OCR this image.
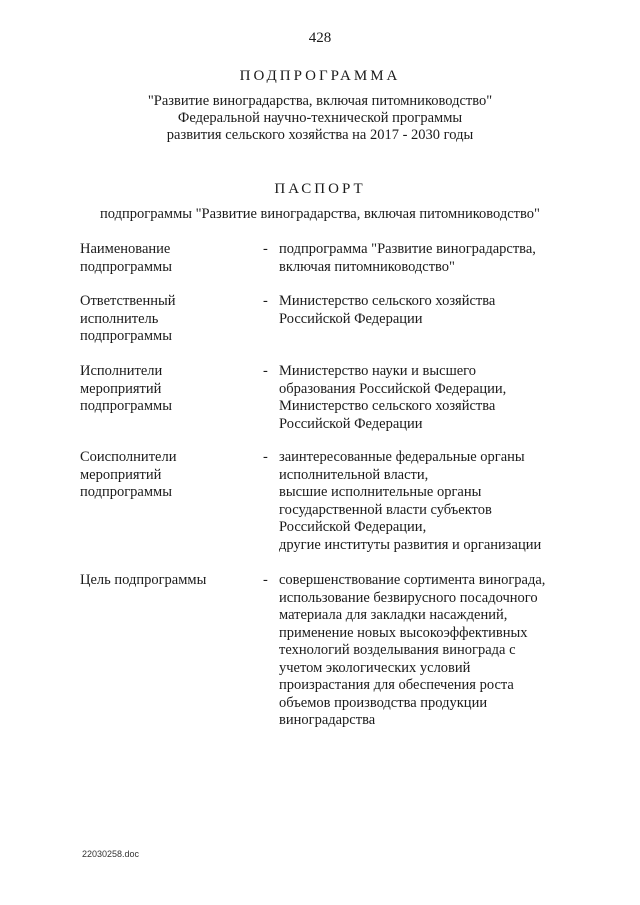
428
ПОДПРОГРАММА
"Развитие виноградарства, включая питомниководство"
Федеральной научно-технической программы
развития сельского хозяйства на 2017 - 2030 годы
ПАСПОРТ
подпрограммы "Развитие виноградарства, включая питомниководство"
Наименование
подпрограммы
- подпрограмма "Развитие виноградарства,
включая питомниководство"
Ответственный
исполнитель
подпрограммы
- Министерство сельского хозяйства
Российской Федерации
Исполнители
мероприятий
подпрограммы
- Министерство науки и высшего
образования Российской Федерации,
Министерство сельского хозяйства
Российской Федерации
Соисполнители
мероприятий
подпрограммы
- заинтересованные федеральные органы
исполнительной власти,
высшие исполнительные органы
государственной власти субъектов
Российской Федерации,
другие институты развития и организации
Цель подпрограммы	- совершенствование сортимента винограда,
использование безвирусного посадочного
материала для закладки насаждений,
применение новых высокоэффективных
технологий возделывания винограда с
учетом экологических условий
произрастания для обеспечения роста
объемов производства продукции
виноградарства
22030258.doc
